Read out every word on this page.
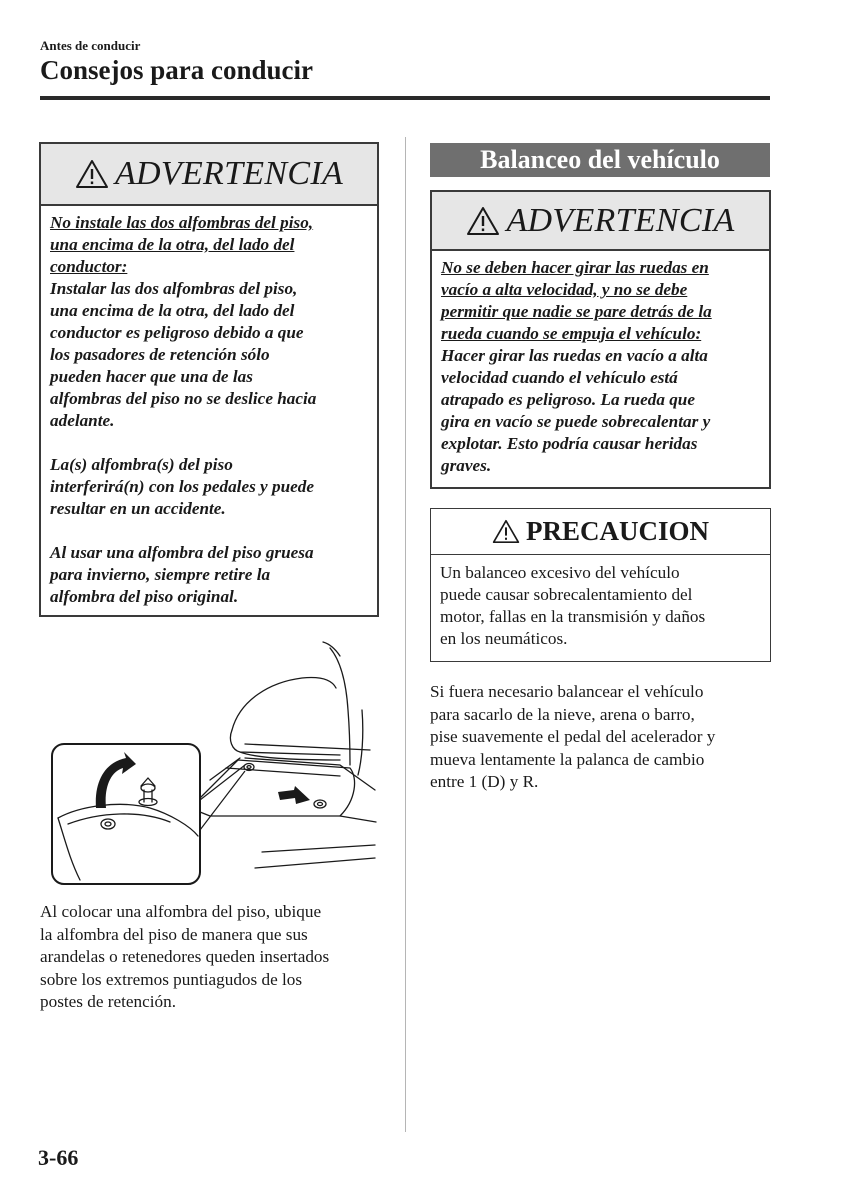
Antes de conducir
Consejos para conducir
ADVERTENCIA

No instale las dos alfombras del piso,
una encima de la otra, del lado del
conductor:

Instalar las dos alfombras del piso,
una encima de la otra, del lado del
conductor es peligroso debido a que
los pasadores de retención sólo
pueden hacer que una de las
alfombras del piso no se deslice hacia
adelante.

La(s) alfombra(s) del piso
interferirá(n) con los pedales y puede
resultar en un accidente.

Al usar una alfombra del piso gruesa
para invierno, siempre retire la
alfombra del piso original.

Al colocar una alfombra del piso, ubique
la alfombra del piso de manera que sus
arandelas o retenedores queden insertados
sobre los extremos puntiagudos de los
postes de retención.
Balanceo del vehículo
ADVERTENCIA

No se deben hacer girar las ruedas en
vacío a alta velocidad, y no se debe
permitir que nadie se pare detrás de la
rueda cuando se empuja el vehículo:

Hacer girar las ruedas en vacío a alta
velocidad cuando el vehículo está
atrapado es peligroso. La rueda que
gira en vacío se puede sobrecalentar y
explotar. Esto podría causar heridas
graves.

PRECAUCION
Un balanceo excesivo del vehículo
puede causar sobrecalentamiento del
motor, fallas en la transmisión y daños
en los neumáticos.
Si fuera necesario balancear el vehículo
para sacarlo de la nieve, arena o barro,
pise suavemente el pedal del acelerador y
mueva lentamente la palanca de cambio
entre 1 (D) y R.
3-66
